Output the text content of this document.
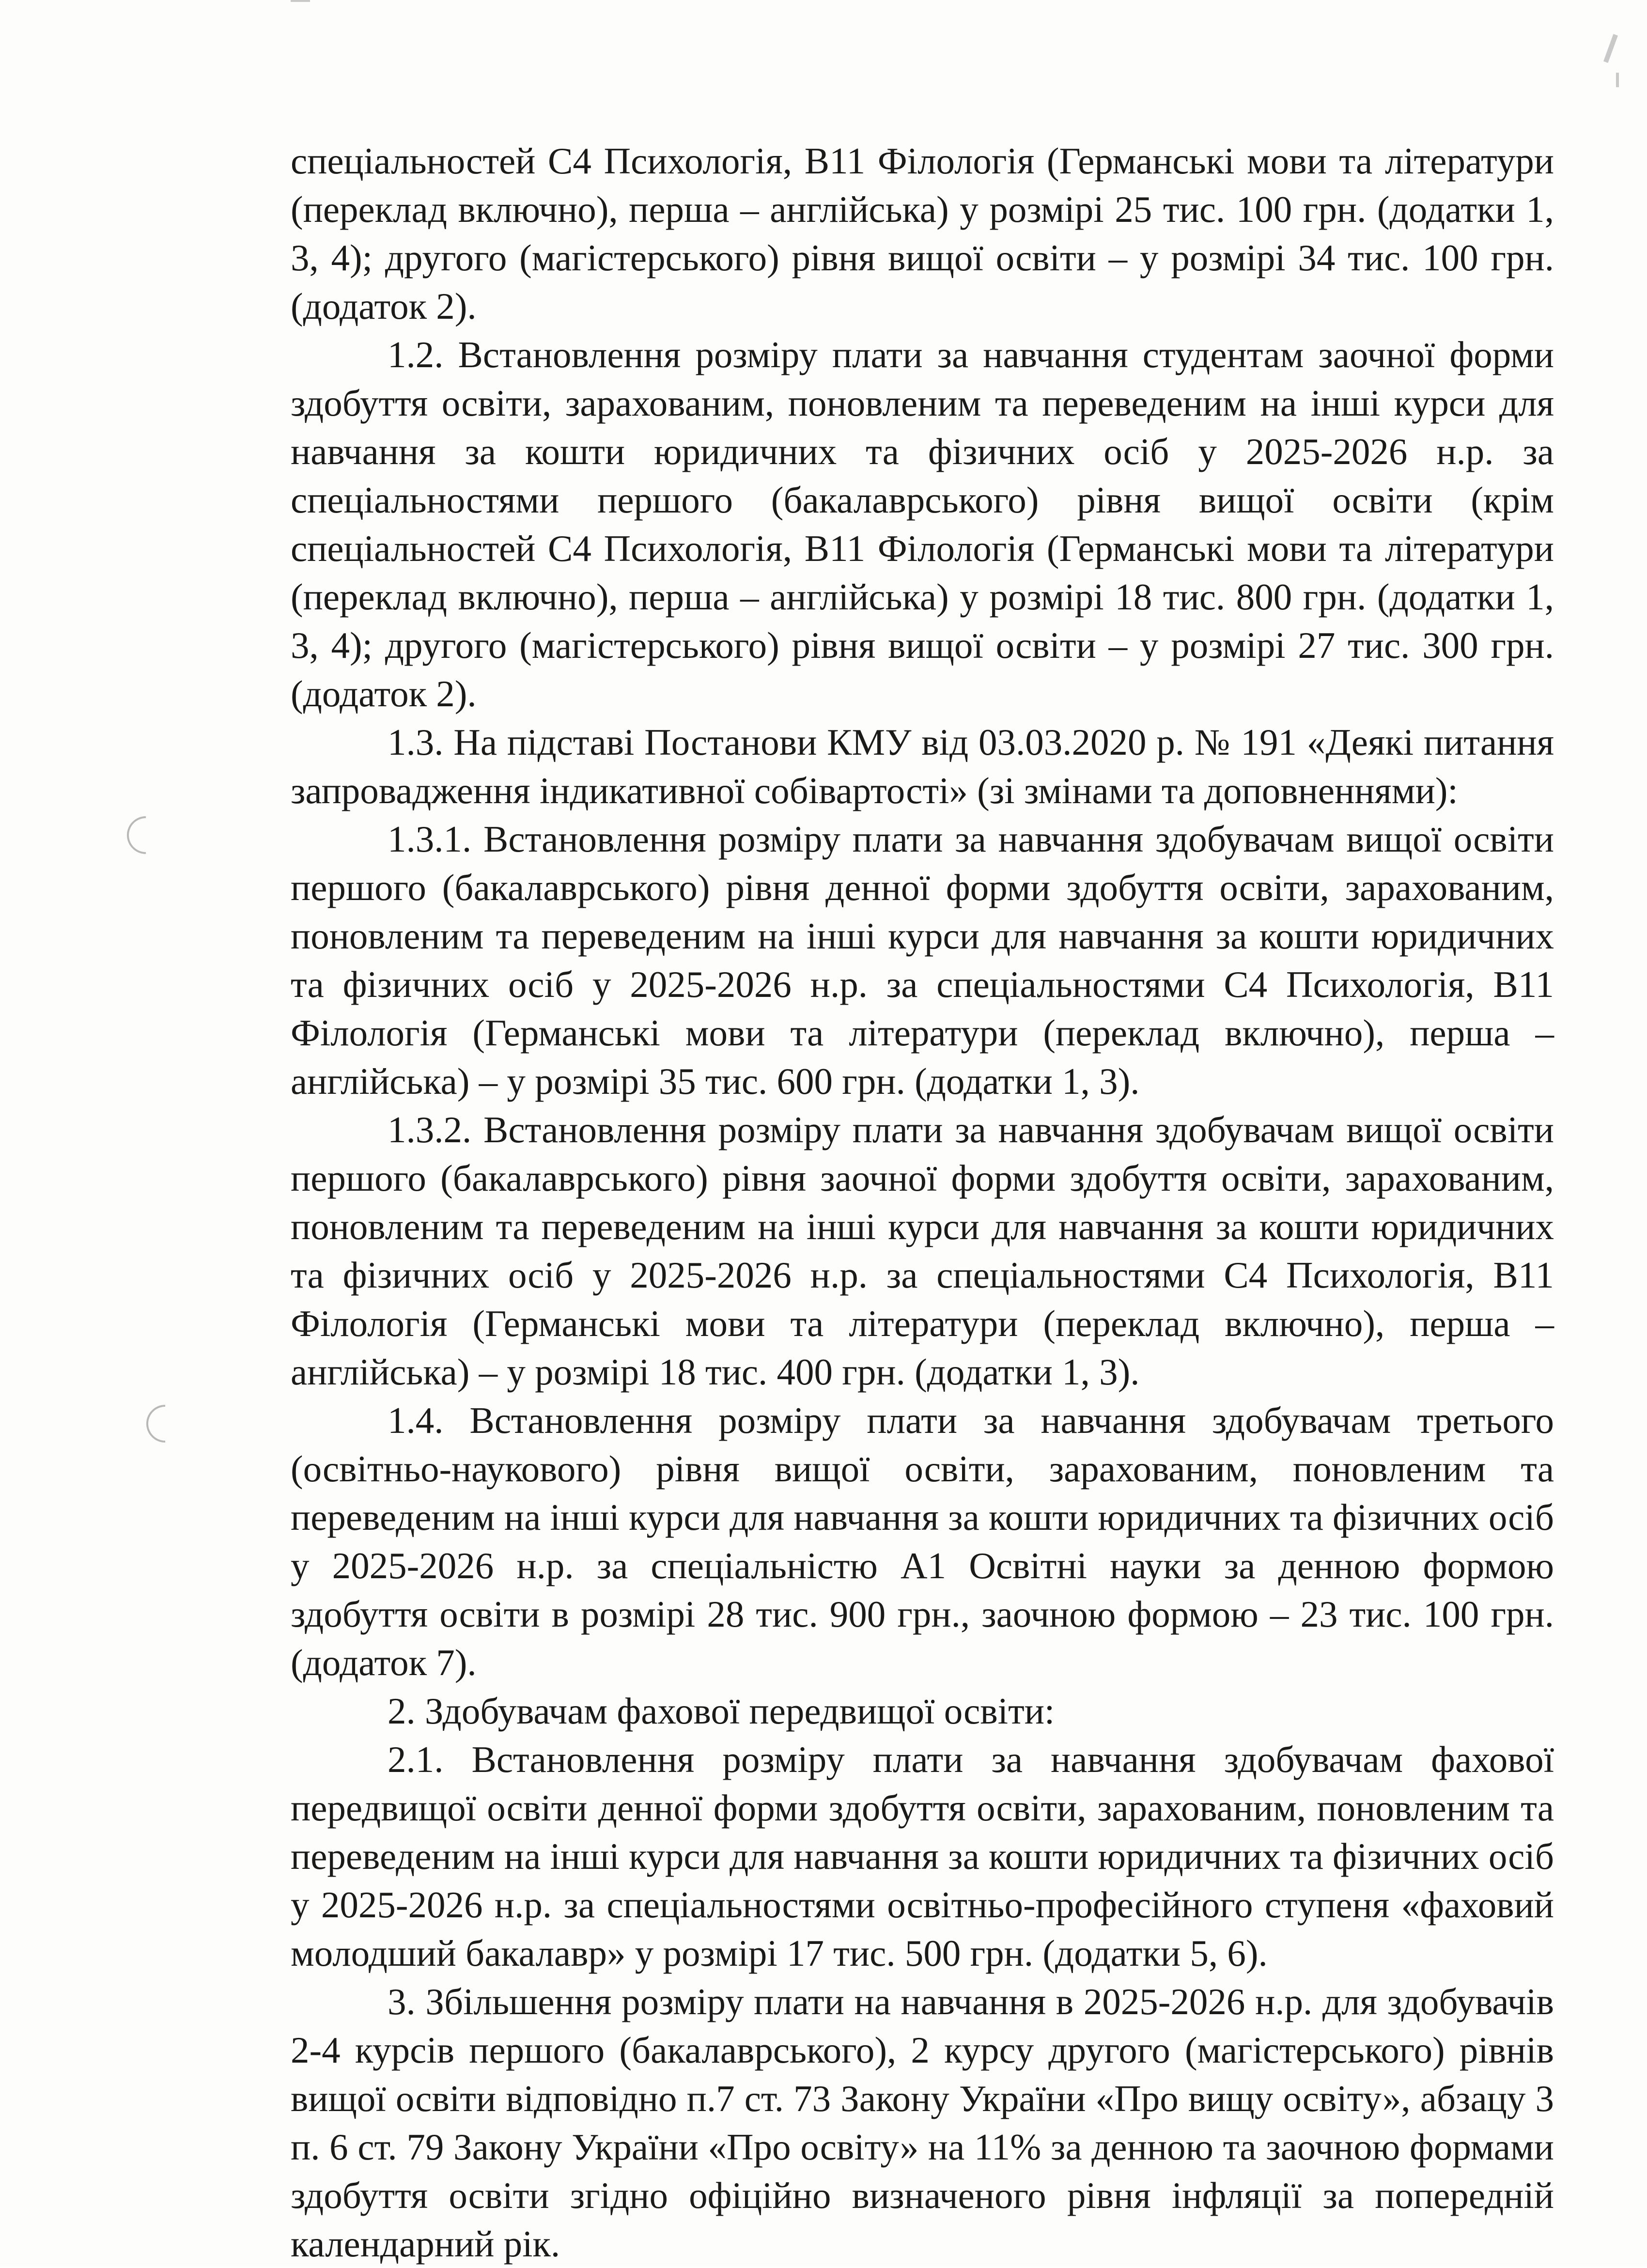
спеціальностей С4 Психологія, В11 Філологія (Германські мови та літератури (переклад включно), перша – англійська) у розмірі 25 тис. 100 грн. (додатки 1, 3, 4); другого (магістерського) рівня вищої освіти – у розмірі 34 тис. 100 грн. (додаток 2).

1.2. Встановлення розміру плати за навчання студентам заочної форми здобуття освіти, зарахованим, поновленим та переведеним на інші курси для навчання за кошти юридичних та фізичних осіб у 2025-2026 н.р. за спеціальностями першого (бакалаврського) рівня вищої освіти (крім спеціальностей С4 Психологія, В11 Філологія (Германські мови та літератури (переклад включно), перша – англійська) у розмірі 18 тис. 800 грн. (додатки 1, 3, 4); другого (магістерського) рівня вищої освіти – у розмірі 27 тис. 300 грн. (додаток 2).

1.3. На підставі Постанови КМУ від 03.03.2020 р. № 191 «Деякі питання запровадження індикативної собівартості» (зі змінами та доповненнями):

1.3.1. Встановлення розміру плати за навчання здобувачам вищої освіти першого (бакалаврського) рівня денної форми здобуття освіти, зарахованим, поновленим та переведеним на інші курси для навчання за кошти юридичних та фізичних осіб у 2025-2026 н.р. за спеціальностями С4 Психологія, В11 Філологія (Германські мови та літератури (переклад включно), перша – англійська) – у розмірі 35 тис. 600 грн. (додатки 1, 3).

1.3.2. Встановлення розміру плати за навчання здобувачам вищої освіти першого (бакалаврського) рівня заочної форми здобуття освіти, зарахованим, поновленим та переведеним на інші курси для навчання за кошти юридичних та фізичних осіб у 2025-2026 н.р. за спеціальностями С4 Психологія, В11 Філологія (Германські мови та літератури (переклад включно), перша – англійська) – у розмірі 18 тис. 400 грн. (додатки 1, 3).

1.4. Встановлення розміру плати за навчання здобувачам третього (освітньо-наукового) рівня вищої освіти, зарахованим, поновленим та переведеним на інші курси для навчання за кошти юридичних та фізичних осіб у 2025-2026 н.р. за спеціальністю А1 Освітні науки за денною формою здобуття освіти в розмірі 28 тис. 900 грн., заочною формою – 23 тис. 100 грн. (додаток 7).

2. Здобувачам фахової передвищої освіти:

2.1. Встановлення розміру плати за навчання здобувачам фахової передвищої освіти денної форми здобуття освіти, зарахованим, поновленим та переведеним на інші курси для навчання за кошти юридичних та фізичних осіб у 2025-2026 н.р. за спеціальностями освітньо-професійного ступеня «фаховий молодший бакалавр» у розмірі 17 тис. 500 грн. (додатки 5, 6).

3. Збільшення розміру плати на навчання в 2025-2026 н.р. для здобувачів 2-4 курсів першого (бакалаврського), 2 курсу другого (магістерського) рівнів вищої освіти відповідно п.7 ст. 73 Закону України «Про вищу освіту», абзацу 3 п. 6 ст. 79 Закону України «Про освіту» на 11% за денною та заочною формами здобуття освіти згідно офіційно визначеного рівня інфляції за попередній календарний рік.
